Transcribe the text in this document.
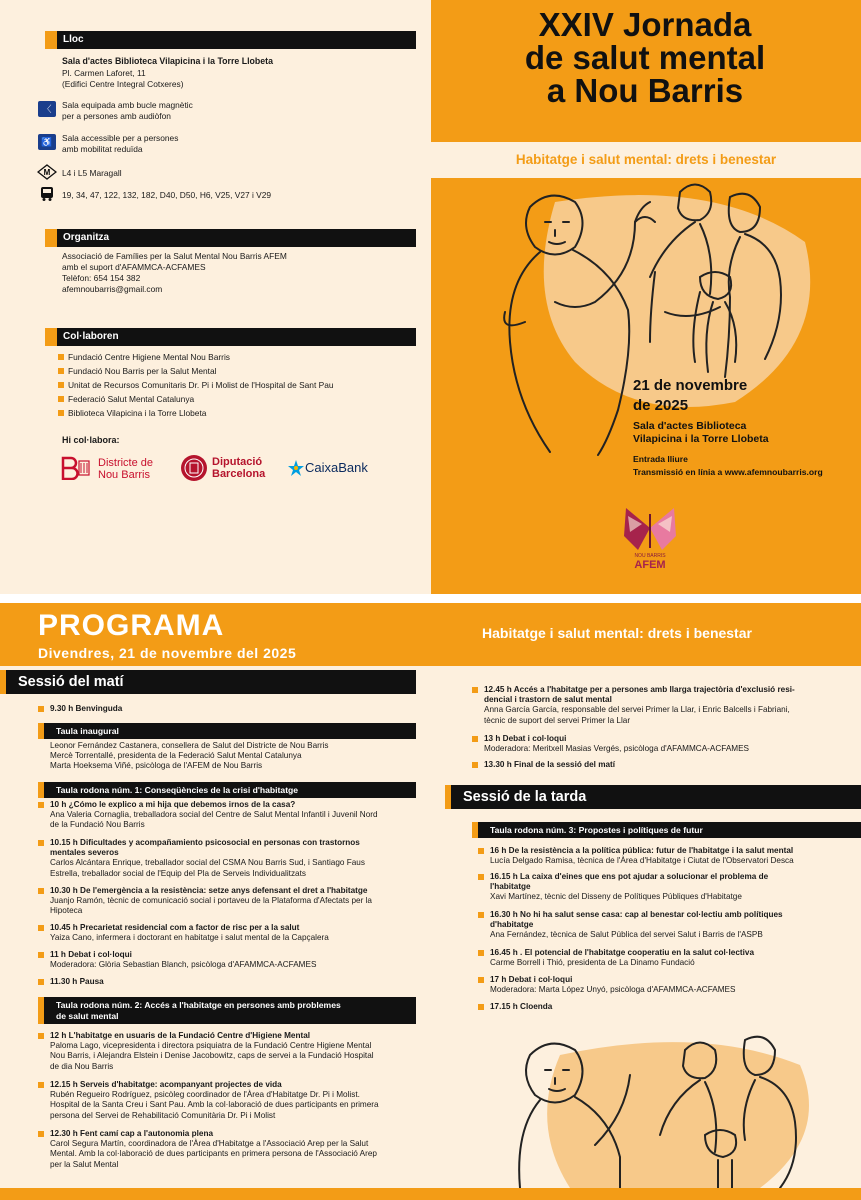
Lloc
Sala d'actes Biblioteca Vilapicina i la Torre Llobeta
Pl. Carmen Laforet, 11
(Edifici Centre Integral Cotxeres)
〈	Sala equipada amb bucle magnètic
per a persones amb audiòfon
♿	Sala accessible per a persones
amb mobilitat reduïda
M L4 i L5 Maragall
19, 34, 47, 122, 132, 182, D40, D50, H6, V25, V27 i V29
Organitza
Associació de Famílies per la Salut Mental Nou Barris AFEM
amb el suport d'AFAMMCA-ACFAMES
Telèfon: 654 154 382
afemnoubarris@gmail.com
Col·laboren
Fundació Centre Higiene Mental Nou Barris
Fundació Nou Barris per la Salut Mental
Unitat de Recursos Comunitaris Dr. Pi i Molist de l'Hospital de Sant Pau
Federació Salut Mental Catalunya
Biblioteca Vilapicina i la Torre Llobeta
Hi col·labora:
Districte de
Nou Barris
Diputació
Barcelona	CaixaBank
XXIV Jornada
de salut mental
a Nou Barris
Habitatge i salut mental: drets i benestar
21 de novembre
de 2025
Sala d'actes Biblioteca
Vilapicina i la Torre Llobeta
Entrada lliure
Transmissió en línia a www.afemnoubarris.org
NOU BARRIS
AFEM
PROGRAMA
Divendres, 21 de novembre del 2025
Habitatge i salut mental: drets i benestar
Sessió del matí
9.30 h Benvinguda
Taula inaugural
Leonor Fernández Castanera, consellera de Salut del Districte de Nou Barris
Mercè Torrentallé, presidenta de la Federació Salut Mental Catalunya
Marta Hoeksema Viñé, psicòloga de l'AFEM de Nou Barris
Taula rodona núm. 1: Conseqüències de la crisi d'habitatge
10 h ¿Cómo le explico a mi hija que debemos irnos de la casa?
Ana Valeria Cornaglia, treballadora social del Centre de Salut Mental Infantil i Juvenil Nord
de la Fundació Nou Barris
10.15 h Dificultades y acompañamiento psicosocial en personas con trastornos
mentales severos
Carlos Alcántara Enrique, treballador social del CSMA Nou Barris Sud, i Santiago Faus
Estrella, treballador social de l'Equip del Pla de Serveis Individualitzats
10.30 h De l'emergència a la resistència: setze anys defensant el dret a l'habitatge
Juanjo Ramón, tècnic de comunicació social i portaveu de la Plataforma d'Afectats per la
Hipoteca
10.45 h Precarietat residencial com a factor de risc per a la salut
Yaiza Cano, infermera i doctorant en habitatge i salut mental de la Capçalera
11 h Debat i col·loqui
Moderadora: Glòria Sebastian Blanch, psicòloga d'AFAMMCA-ACFAMES
11.30 h Pausa
Taula rodona núm. 2: Accés a l'habitatge en persones amb problemes
de salut mental
12 h L'habitatge en usuaris de la Fundació Centre d'Higiene Mental
Paloma Lago, vicepresidenta i directora psiquiatra de la Fundació Centre Higiene Mental
Nou Barris, i Alejandra Elstein i Denise Jacobowitz, caps de servei a la Fundació Hospital
de dia Nou Barris
12.15 h Serveis d'habitatge: acompanyant projectes de vida
Rubén Regueiro Rodríguez, psicòleg coordinador de l'Àrea d'Habitatge Dr. Pi i Molist.
Hospital de la Santa Creu i Sant Pau. Amb la col·laboració de dues participants en primera
persona del Servei de Rehabilitació Comunitària Dr. Pi i Molist
12.30 h Fent camí cap a l'autonomia plena
Carol Segura Martín, coordinadora de l'Àrea d'Habitatge a l'Associació Arep per la Salut
Mental. Amb la col·laboració de dues participants en primera persona de l'Associació Arep
per la Salut Mental
12.45 h Accés a l'habitatge per a persones amb llarga trajectòria d'exclusió resi-
dencial i trastorn de salut mental
Anna García García, responsable del servei Primer la Llar, i Enric Balcells i Fabriani,
tècnic de suport del servei Primer la Llar
13 h Debat i col·loqui
Moderadora: Meritxell Masias Vergés, psicòloga d'AFAMMCA-ACFAMES
13.30 h Final de la sessió del matí
Sessió de la tarda
Taula rodona núm. 3: Propostes i polítiques de futur
16 h De la resistència a la política pública: futur de l'habitatge i la salut mental
Lucía Delgado Ramisa, tècnica de l'Àrea d'Habitatge i Ciutat de l'Observatori Desca
16.15 h La caixa d'eines que ens pot ajudar a solucionar el problema de
l'habitatge
Xavi Martínez, tècnic del Disseny de Polítiques Públiques d'Habitatge
16.30 h No hi ha salut sense casa: cap al benestar col·lectiu amb polítiques
d'habitatge
Ana Fernández, tècnica de Salut Pública del servei Salut i Barris de l'ASPB
16.45 h . El potencial de l'habitatge cooperatiu en la salut col·lectiva
Carme Borrell i Thió, presidenta de La Dinamo Fundació
17 h Debat i col·loqui
Moderadora: Marta López Unyó, psicòloga d'AFAMMCA-ACFAMES
17.15 h Cloenda
